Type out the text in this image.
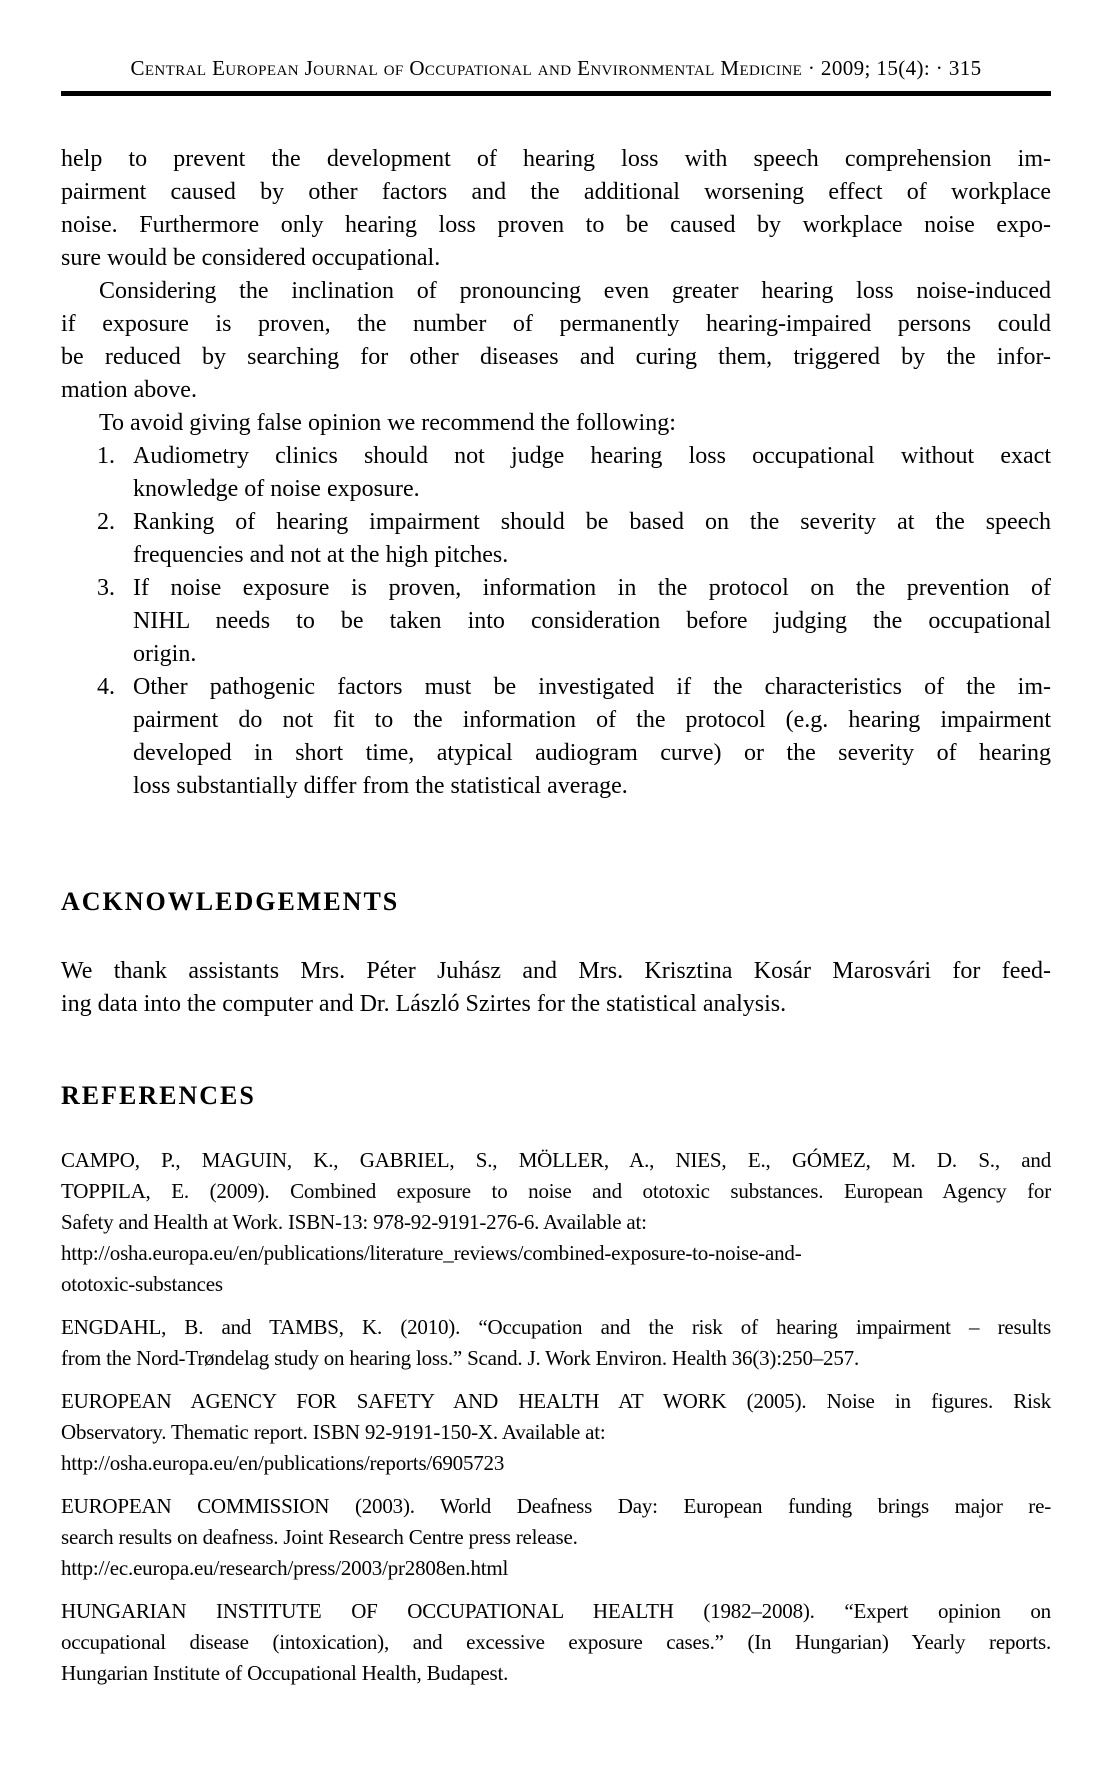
Central European Journal of Occupational and Environmental Medicine · 2009; 15(4): · 315
help to prevent the development of hearing loss with speech comprehension im-
pairment caused by other factors and the additional worsening effect of workplace
noise. Furthermore only hearing loss proven to be caused by workplace noise expo-
sure would be considered occupational.
Considering the inclination of pronouncing even greater hearing loss noise-induced
if exposure is proven, the number of permanently hearing-impaired persons could
be reduced by searching for other diseases and curing them, triggered by the infor-
mation above.
To avoid giving false opinion we recommend the following:
1. Audiometry clinics should not judge hearing loss occupational without exact
knowledge of noise exposure.
2. Ranking of hearing impairment should be based on the severity at the speech
frequencies and not at the high pitches.
3. If noise exposure is proven, information in the protocol on the prevention of
NIHL needs to be taken into consideration before judging the occupational
origin.
4. Other pathogenic factors must be investigated if the characteristics of the im-
pairment do not fit to the information of the protocol (e.g. hearing impairment
developed in short time, atypical audiogram curve) or the severity of hearing
loss substantially differ from the statistical average.
ACKNOWLEDGEMENTS
We thank assistants Mrs. Péter Juhász and Mrs. Krisztina Kosár Marosvári for feed-
ing data into the computer and Dr. László Szirtes for the statistical analysis.
REFERENCES
CAMPO, P., MAGUIN, K., GABRIEL, S., MÖLLER, A., NIES, E., GÓMEZ, M. D. S., and
TOPPILA, E. (2009). Combined exposure to noise and ototoxic substances. European Agency for
Safety and Health at Work. ISBN-13: 978-92-9191-276-6. Available at:
http://osha.europa.eu/en/publications/literature_reviews/combined-exposure-to-noise-and-
ototoxic-substances
ENGDAHL, B. and TAMBS, K. (2010). “Occupation and the risk of hearing impairment – results
from the Nord-Trøndelag study on hearing loss.” Scand. J. Work Environ. Health 36(3):250–257.
EUROPEAN AGENCY FOR SAFETY AND HEALTH AT WORK (2005). Noise in figures. Risk
Observatory. Thematic report. ISBN 92-9191-150-X. Available at:
http://osha.europa.eu/en/publications/reports/6905723
EUROPEAN COMMISSION (2003). World Deafness Day: European funding brings major re-
search results on deafness. Joint Research Centre press release.
http://ec.europa.eu/research/press/2003/pr2808en.html
HUNGARIAN INSTITUTE OF OCCUPATIONAL HEALTH (1982–2008). “Expert opinion on
occupational disease (intoxication), and excessive exposure cases.” (In Hungarian) Yearly reports.
Hungarian Institute of Occupational Health, Budapest.
